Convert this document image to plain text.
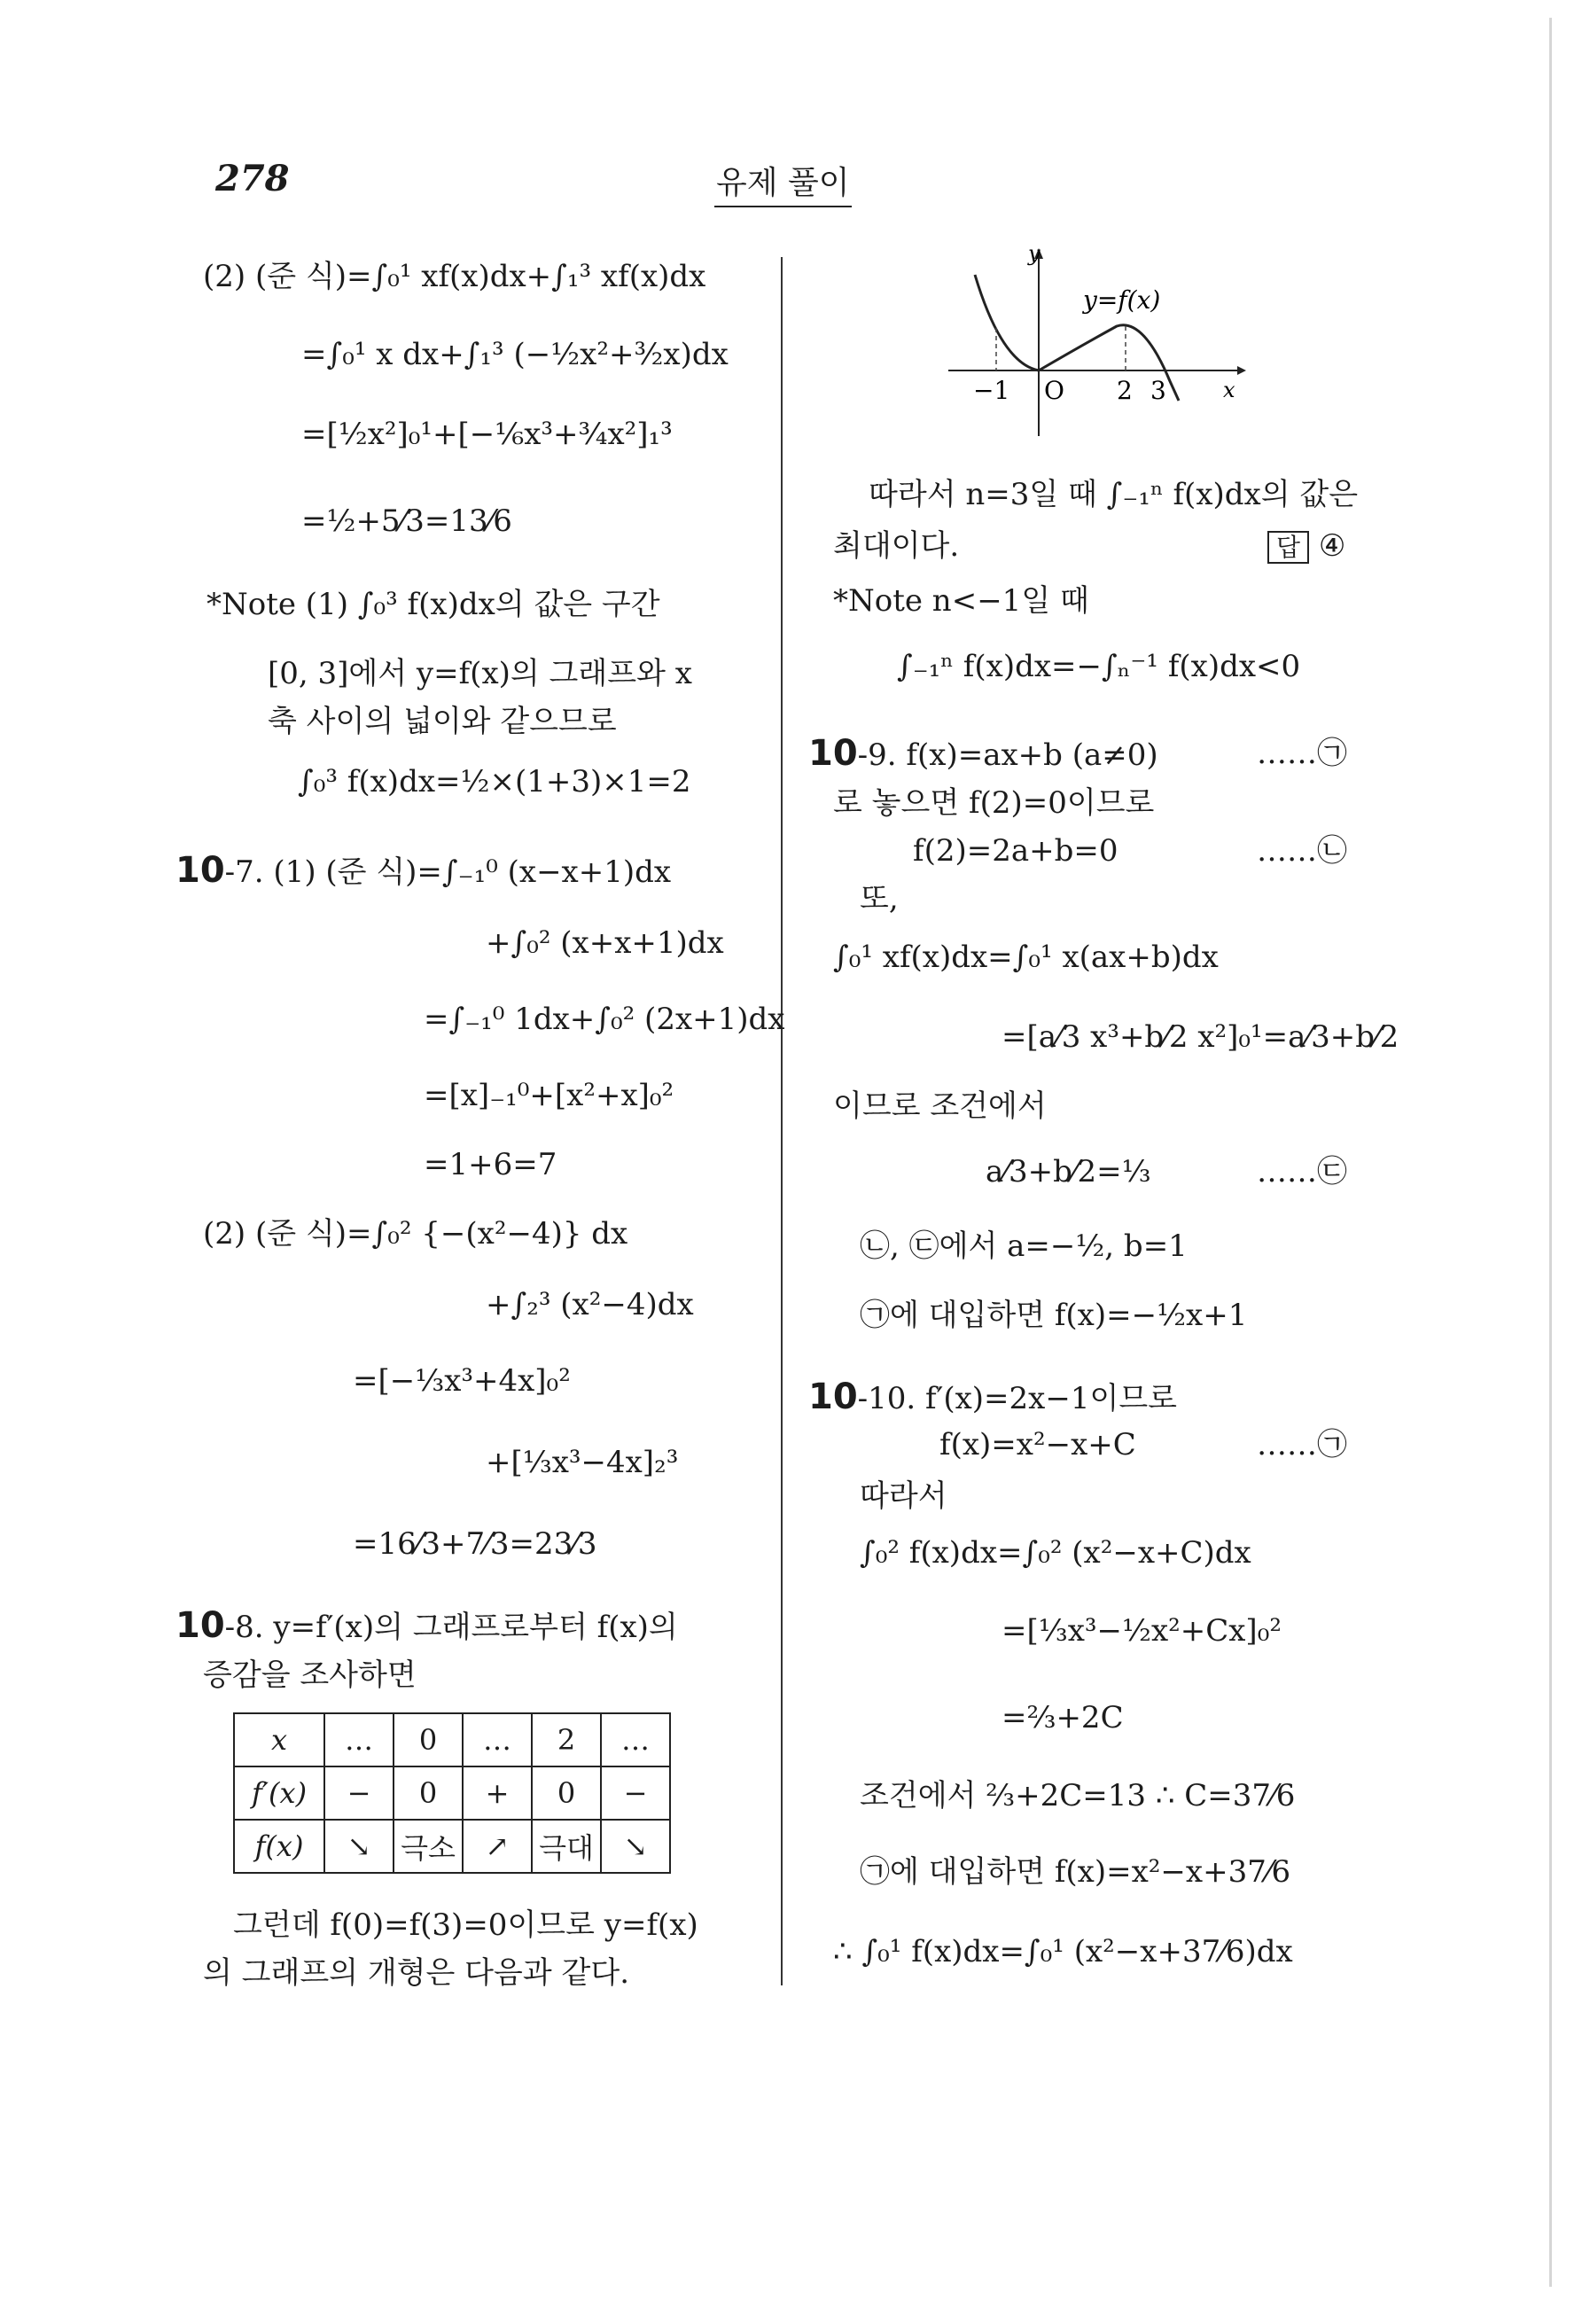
278	유제 풀이
(2) (준 식)=∫₀¹ xf(x)dx+∫₁³ xf(x)dx
=∫₀¹ x dx+∫₁³ (−½x²+³⁄₂x)dx
=[½x²]₀¹+[−⅙x³+¾x²]₁³
=½+5⁄3=13⁄6
*Note (1) ∫₀³ f(x)dx의 값은 구간
[0, 3]에서 y=f(x)의 그래프와 x
축 사이의 넓이와 같으므로
∫₀³ f(x)dx=½×(1+3)×1=2
10-7. (1) (준 식)=∫₋₁⁰ (x−x+1)dx
+∫₀² (x+x+1)dx
=∫₋₁⁰ 1dx+∫₀² (2x+1)dx
=[x]₋₁⁰+[x²+x]₀²
=1+6=7
(2) (준 식)=∫₀² {−(x²−4)} dx
+∫₂³ (x²−4)dx
=[−⅓x³+4x]₀²
+[⅓x³−4x]₂³
=16⁄3+7⁄3=23⁄3
10-8. y=f′(x)의 그래프로부터 f(x)의
증감을 조사하면
x	…	0	…	2	…
f′(x)	−	0	+	0	−
f(x)	↘	극소	↗	극대	↘
그런데 f(0)=f(3)=0이므로 y=f(x)
의 그래프의 개형은 다음과 같다.
y
x
y=f(x)
−1 O 2 3
따라서 n=3일 때 ∫₋₁ⁿ f(x)dx의 값은
최대이다.	답 ④
*Note n<−1일 때
∫₋₁ⁿ f(x)dx=−∫ₙ⁻¹ f(x)dx<0
10-9. f(x)=ax+b (a≠0)	……㉠
로 놓으면 f(2)=0이므로
f(2)=2a+b=0	……㉡
또,
∫₀¹ xf(x)dx=∫₀¹ x(ax+b)dx
=[a⁄3 x³+b⁄2 x²]₀¹=a⁄3+b⁄2
이므로 조건에서
a⁄3+b⁄2=⅓	……㉢
㉡, ㉢에서 a=−½, b=1
㉠에 대입하면 f(x)=−½x+1
10-10. f′(x)=2x−1이므로
f(x)=x²−x+C	……㉠
따라서
∫₀² f(x)dx=∫₀² (x²−x+C)dx
=[⅓x³−½x²+Cx]₀²
=⅔+2C
조건에서 ⅔+2C=13 ∴ C=37⁄6
㉠에 대입하면 f(x)=x²−x+37⁄6
∴ ∫₀¹ f(x)dx=∫₀¹ (x²−x+37⁄6)dx
